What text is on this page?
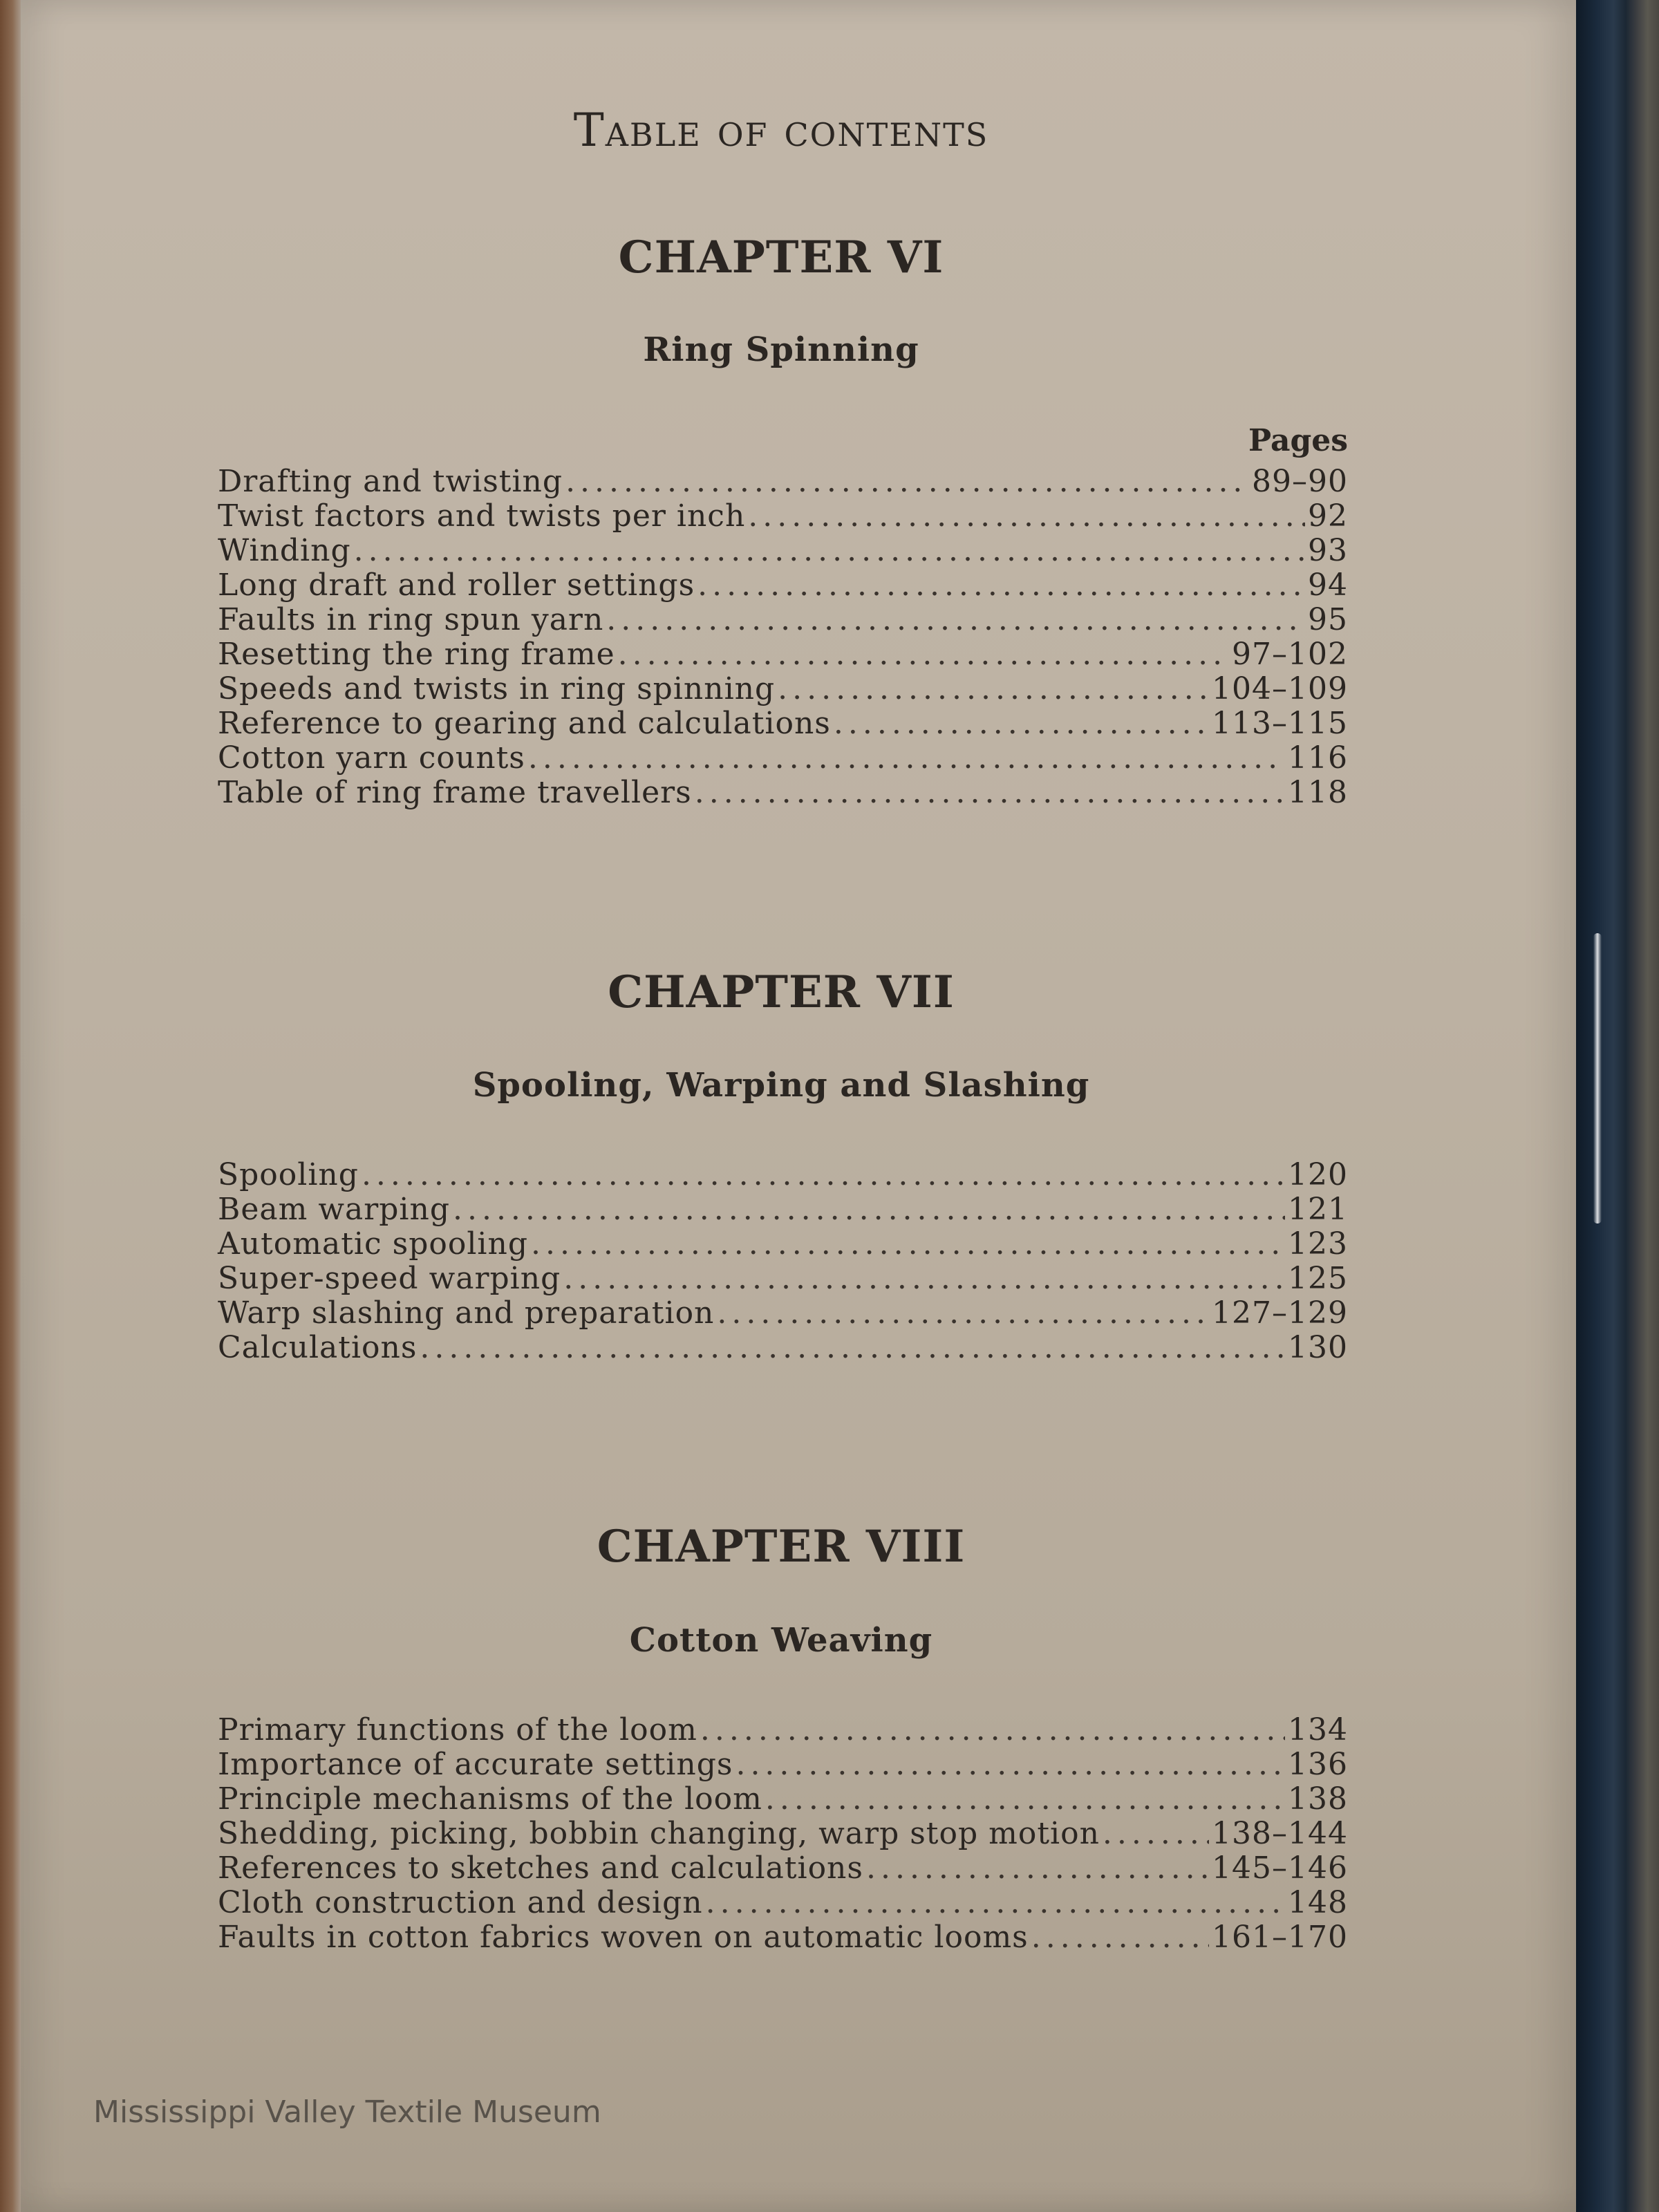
Table of contents
CHAPTER VI
Ring Spinning
Pages
Drafting and twisting .....	89–90
Twist factors and twists per inch .....	92
Winding .....	93
Long draft and roller settings .....	94
Faults in ring spun yarn .....	95
Resetting the ring frame .....	97–102
Speeds and twists in ring spinning .....	104–109
Reference to gearing and calculations .....	113–115
Cotton yarn counts .....	116
Table of ring frame travellers .....	118
CHAPTER VII
Spooling, Warping and Slashing
Spooling .....	120
Beam warping .....	121
Automatic spooling .....	123
Super-speed warping .....	125
Warp slashing and preparation .....	127–129
Calculations .....	130
CHAPTER VIII
Cotton Weaving
Primary functions of the loom .....	134
Importance of accurate settings .....	136
Principle mechanisms of the loom .....	138
Shedding, picking, bobbin changing, warp stop motion .....	138–144
References to sketches and calculations .....	145–146
Cloth construction and design .....	148
Faults in cotton fabrics woven on automatic looms .....	161–170
Mississippi Valley Textile Museum
